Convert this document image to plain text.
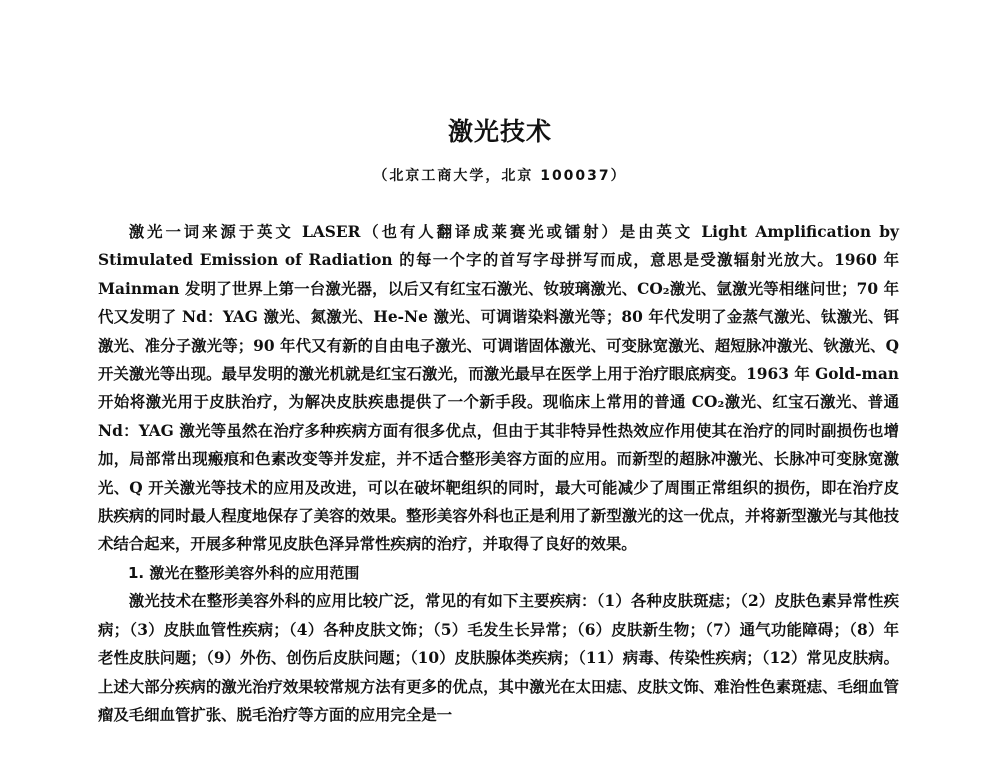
激光技术

（北京工商大学，北京 100037）

激光一词来源于英文 LASER（也有人翻译成莱赛光或镭射）是由英文 Light Amplification by Stimulated Emission of Radiation 的每一个字的首写字母拼写而成，意思是受激辐射光放大。1960 年 Mainman 发明了世界上第一台激光器，以后又有红宝石激光、钕玻璃激光、CO₂激光、氩激光等相继问世；70 年代又发明了 Nd：YAG 激光、氮激光、He-Ne 激光、可调谐染料激光等；80 年代发明了金蒸气激光、钛激光、铒激光、准分子激光等；90 年代又有新的自由电子激光、可调谐固体激光、可变脉宽激光、超短脉冲激光、钬激光、Q 开关激光等出现。最早发明的激光机就是红宝石激光，而激光最早在医学上用于治疗眼底病变。1963 年 Gold-man 开始将激光用于皮肤治疗，为解决皮肤疾患提供了一个新手段。现临床上常用的普通 CO₂激光、红宝石激光、普通 Nd：YAG 激光等虽然在治疗多种疾病方面有很多优点，但由于其非特异性热效应作用使其在治疗的同时副损伤也增加，局部常出现瘢痕和色素改变等并发症，并不适合整形美容方面的应用。而新型的超脉冲激光、长脉冲可变脉宽激光、Q 开关激光等技术的应用及改进，可以在破坏靶组织的同时，最大可能减少了周围正常组织的损伤，即在治疗皮肤疾病的同时最人程度地保存了美容的效果。整形美容外科也正是利用了新型激光的这一优点，并将新型激光与其他技术结合起来，开展多种常见皮肤色泽异常性疾病的治疗，并取得了良好的效果。

1. 激光在整形美容外科的应用范围

激光技术在整形美容外科的应用比较广泛，常见的有如下主要疾病：（1）各种皮肤斑痣；（2）皮肤色素异常性疾病；（3）皮肤血管性疾病；（4）各种皮肤文饰；（5）毛发生长异常；（6）皮肤新生物；（7）通气功能障碍；（8）年老性皮肤问题；（9）外伤、创伤后皮肤问题；（10）皮肤腺体类疾病；（11）病毒、传染性疾病；（12）常见皮肤病。上述大部分疾病的激光治疗效果较常规方法有更多的优点，其中激光在太田痣、皮肤文饰、难治性色素斑痣、毛细血管瘤及毛细血管扩张、脱毛治疗等方面的应用完全是一
